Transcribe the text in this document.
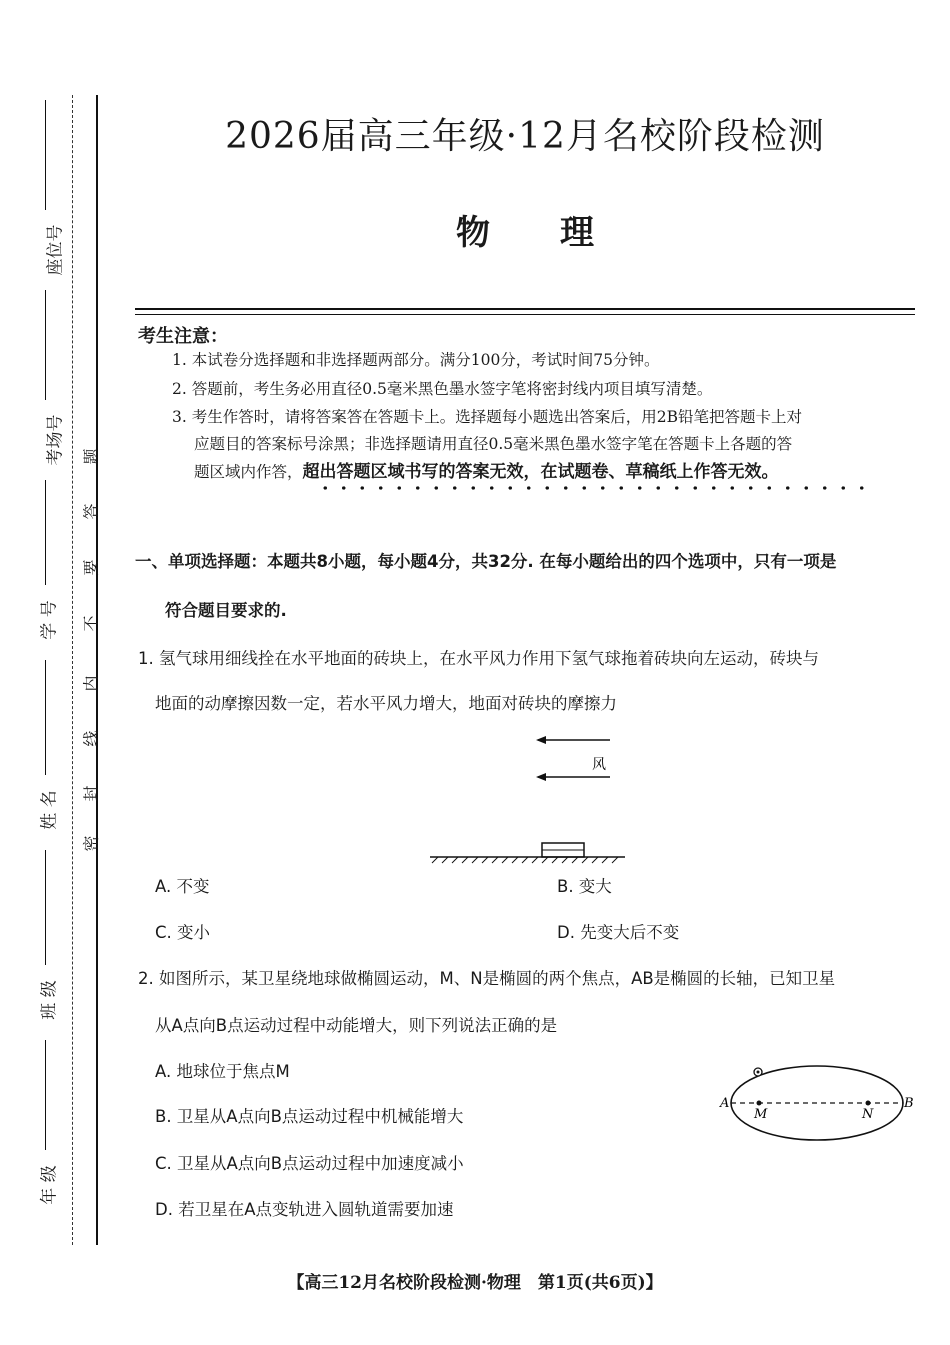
座位号
考场号
学 号
姓 名
班 级
年 级
密
封
线
内
不
要
答
题
2026届高三年级·12月名校阶段检测
物 理
考生注意：
1. 本试卷分选择题和非选择题两部分。满分100分，考试时间75分钟。
2. 答题前，考生务必用直径0.5毫米黑色墨水签字笔将密封线内项目填写清楚。
3. 考生作答时，请将答案答在答题卡上。选择题每小题选出答案后，用2B铅笔把答题卡上对
应题目的答案标号涂黑；非选择题请用直径0.5毫米黑色墨水签字笔在答题卡上各题的答
题区域内作答，超出答题区域书写的答案无效，在试题卷、草稿纸上作答无效。
一、单项选择题：本题共8小题，每小题4分，共32分. 在每小题给出的四个选项中，只有一项是
符合题目要求的.
1. 氢气球用细线拴在水平地面的砖块上，在水平风力作用下氢气球拖着砖块向左运动，砖块与
地面的动摩擦因数一定，若水平风力增大，地面对砖块的摩擦力
风
A. 不变	B. 变大
C. 变小	D. 先变大后不变
2. 如图所示，某卫星绕地球做椭圆运动，M、N是椭圆的两个焦点，AB是椭圆的长轴，已知卫星
从A点向B点运动过程中动能增大，则下列说法正确的是
A. 地球位于焦点M
B. 卫星从A点向B点运动过程中机械能增大
C. 卫星从A点向B点运动过程中加速度减小
D. 若卫星在A点变轨进入圆轨道需要加速
A
M	N
B
【高三12月名校阶段检测·物理　第1页(共6页)】
